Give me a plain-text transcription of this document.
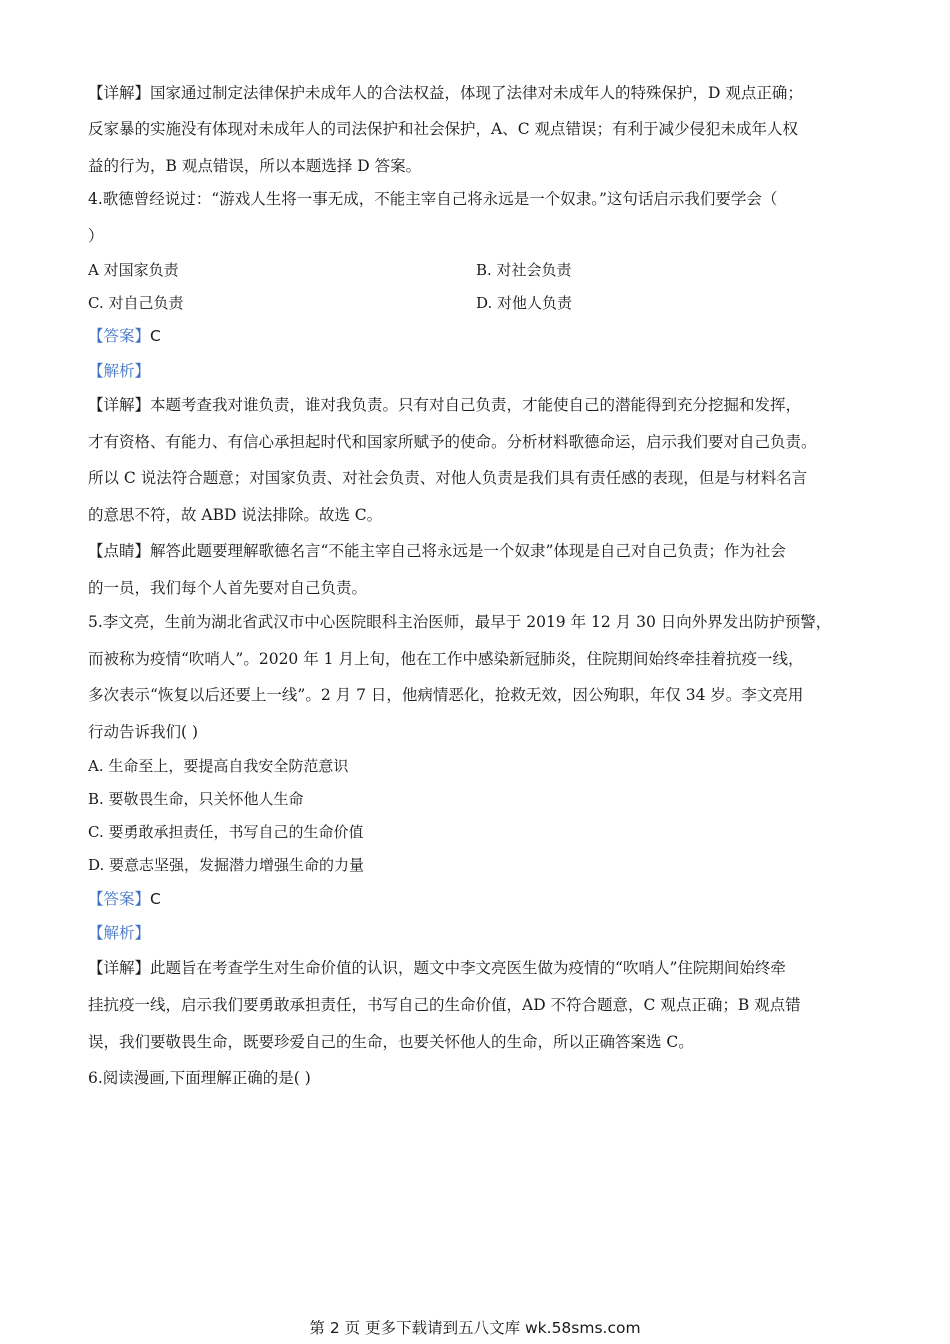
【详解】国家通过制定法律保护未成年人的合法权益，体现了法律对未成年人的特殊保护，D 观点正确；
反家暴的实施没有体现对未成年人的司法保护和社会保护，A、C 观点错误；有利于减少侵犯未成年人权
益的行为，B 观点错误，所以本题选择 D 答案。
4.歌德曾经说过：“游戏人生将一事无成，不能主宰自己将永远是一个奴隶。”这句话启示我们要学会（
）
A 对国家负责	B. 对社会负责
C. 对自己负责	D. 对他人负责
【答案】C
【解析】
【详解】本题考查我对谁负责，谁对我负责。只有对自己负责，才能使自己的潜能得到充分挖掘和发挥，
才有资格、有能力、有信心承担起时代和国家所赋予的使命。分析材料歌德命运，启示我们要对自己负责。
所以 C 说法符合题意；对国家负责、对社会负责、对他人负责是我们具有责任感的表现，但是与材料名言
的意思不符，故 ABD 说法排除。故选 C。
【点睛】解答此题要理解歌德名言“不能主宰自己将永远是一个奴隶”体现是自己对自己负责；作为社会
的一员，我们每个人首先要对自己负责。
5.李文亮，生前为湖北省武汉市中心医院眼科主治医师，最早于 2019 年 12 月 30 日向外界发出防护预警，
而被称为疫情“吹哨人”。2020 年 1 月上旬，他在工作中感染新冠肺炎，住院期间始终牵挂着抗疫一线，
多次表示“恢复以后还要上一线”。2 月 7 日，他病情恶化，抢救无效，因公殉职，年仅 34 岁。李文亮用
行动告诉我们( )
A. 生命至上，要提高自我安全防范意识
B. 要敬畏生命，只关怀他人生命
C. 要勇敢承担责任，书写自己的生命价值
D. 要意志坚强，发掘潜力增强生命的力量
【答案】C
【解析】
【详解】此题旨在考查学生对生命价值的认识，题文中李文亮医生做为疫情的“吹哨人”住院期间始终牵
挂抗疫一线，启示我们要勇敢承担责任，书写自己的生命价值，AD 不符合题意，C 观点正确；B 观点错
误，我们要敬畏生命，既要珍爱自己的生命，也要关怀他人的生命，所以正确答案选 C。
6.阅读漫画,下面理解正确的是( )
第 2 页 更多下载请到五八文库 wk.58sms.com
